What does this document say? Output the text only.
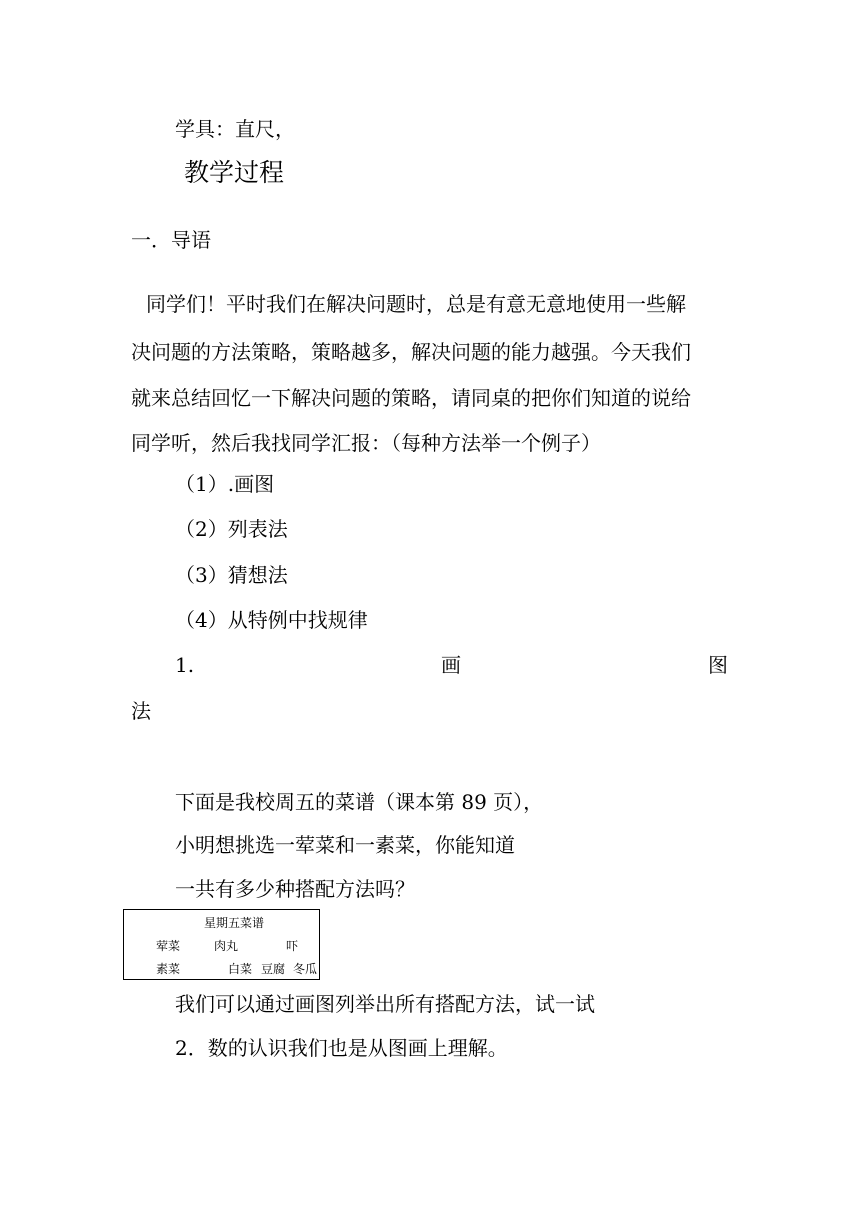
学具：直尺，
教学过程
一．导语
同学们！平时我们在解决问题时，总是有意无意地使用一些解
决问题的方法策略，策略越多，解决问题的能力越强。今天我们
就来总结回忆一下解决问题的策略，请同桌的把你们知道的说给
同学听，然后我找同学汇报：（每种方法举一个例子）
（1）.画图
（2）列表法
（3）猜想法
（4）从特例中找规律
1.	画	图
法
下面是我校周五的菜谱（课本第 89 页），
小明想挑选一荤菜和一素菜，你能知道
一共有多少种搭配方法吗？
星期五菜谱
荤菜	肉丸	吓
素菜	白菜 豆腐 冬瓜
我们可以通过画图列举出所有搭配方法，试一试
2．数的认识我们也是从图画上理解。
